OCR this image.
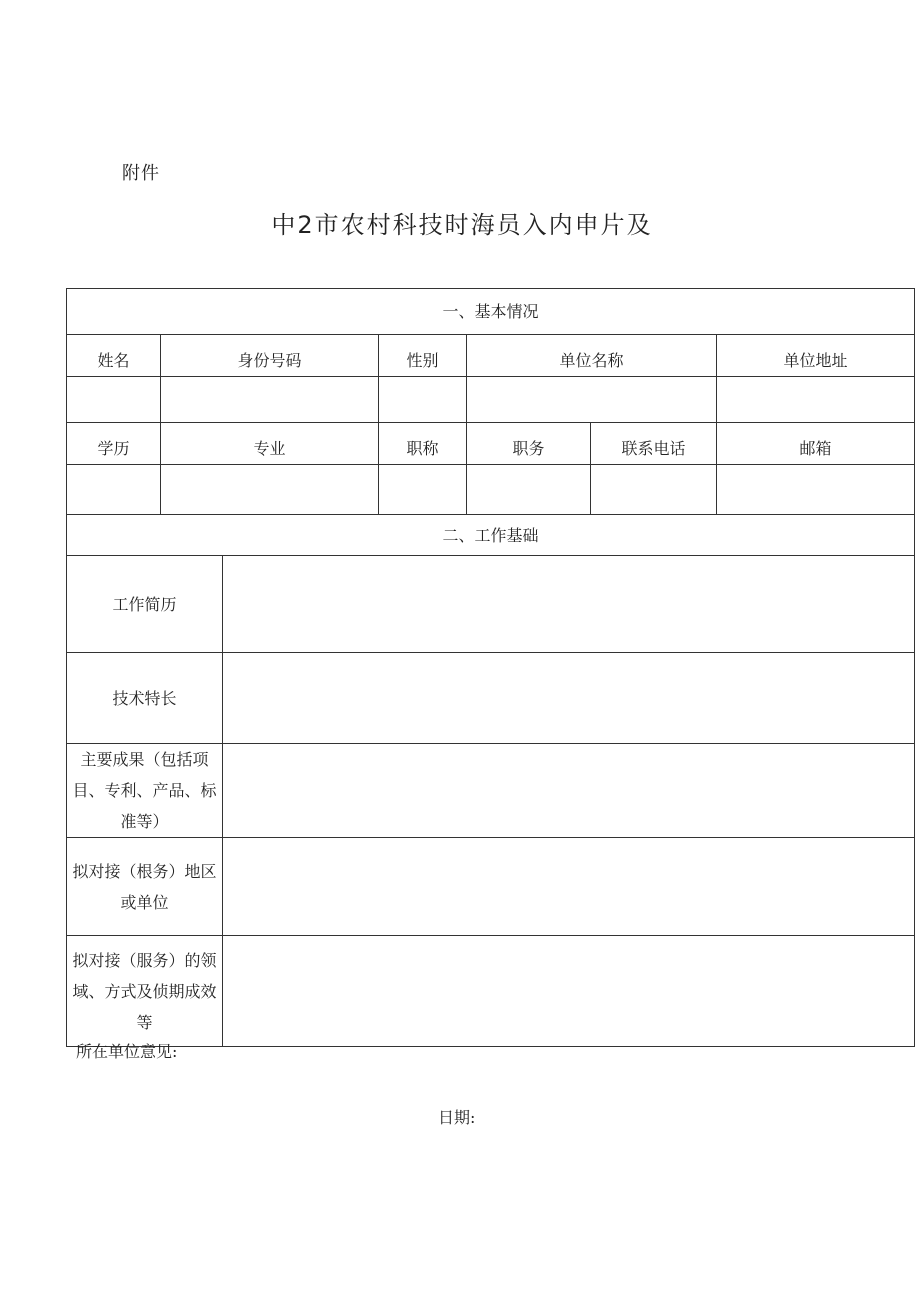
附件
中2市农村科技时海员入内申片及
一、基本情况						
姓名	身份号码		性别	单位名称		单位地址

学历	专业		职称	职务	联系电话	邮箱

二、工作基础						
工作简历						
技术特长						
主要成果（包括项目、专利、产品、标准等）						
拟对接（根务）地区或单位						
拟对接（服务）的领域、方式及侦期成效等						
所在单位意见:
日期:
